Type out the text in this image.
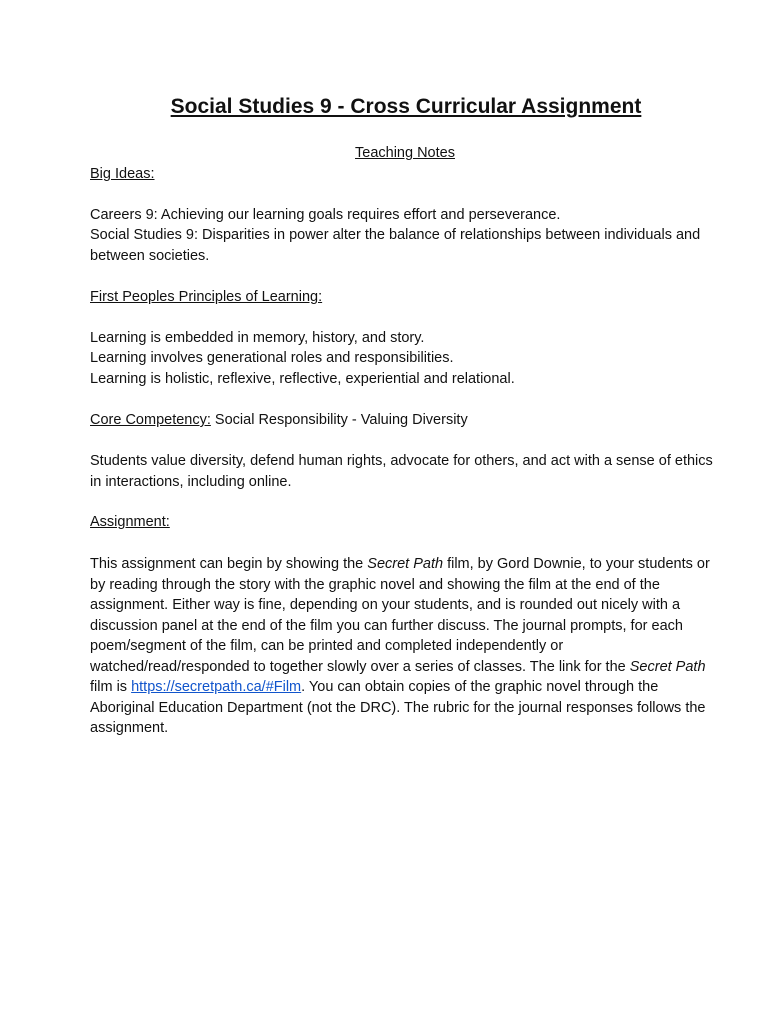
Social Studies 9 - Cross Curricular Assignment
Teaching Notes
Big Ideas:

Careers 9: Achieving our learning goals requires effort and perseverance.

Social Studies 9: Disparities in power alter the balance of relationships between individuals and between societies.

First Peoples Principles of Learning:

Learning is embedded in memory, history, and story.

Learning involves generational roles and responsibilities.

Learning is holistic, reflexive, reflective, experiential and relational.

Core Competency: Social Responsibility - Valuing Diversity

Students value diversity, defend human rights, advocate for others, and act with a sense of ethics in interactions, including online.

Assignment:

This assignment can begin by showing the Secret Path film, by Gord Downie, to your students or by reading through the story with the graphic novel and showing the film at the end of the assignment. Either way is fine, depending on your students, and is rounded out nicely with a discussion panel at the end of the film you can further discuss. The journal prompts, for each poem/segment of the film, can be printed and completed independently or watched/read/responded to together slowly over a series of classes. The link for the Secret Path film is https://secretpath.ca/#Film. You can obtain copies of the graphic novel through the Aboriginal Education Department (not the DRC). The rubric for the journal responses follows the assignment.
